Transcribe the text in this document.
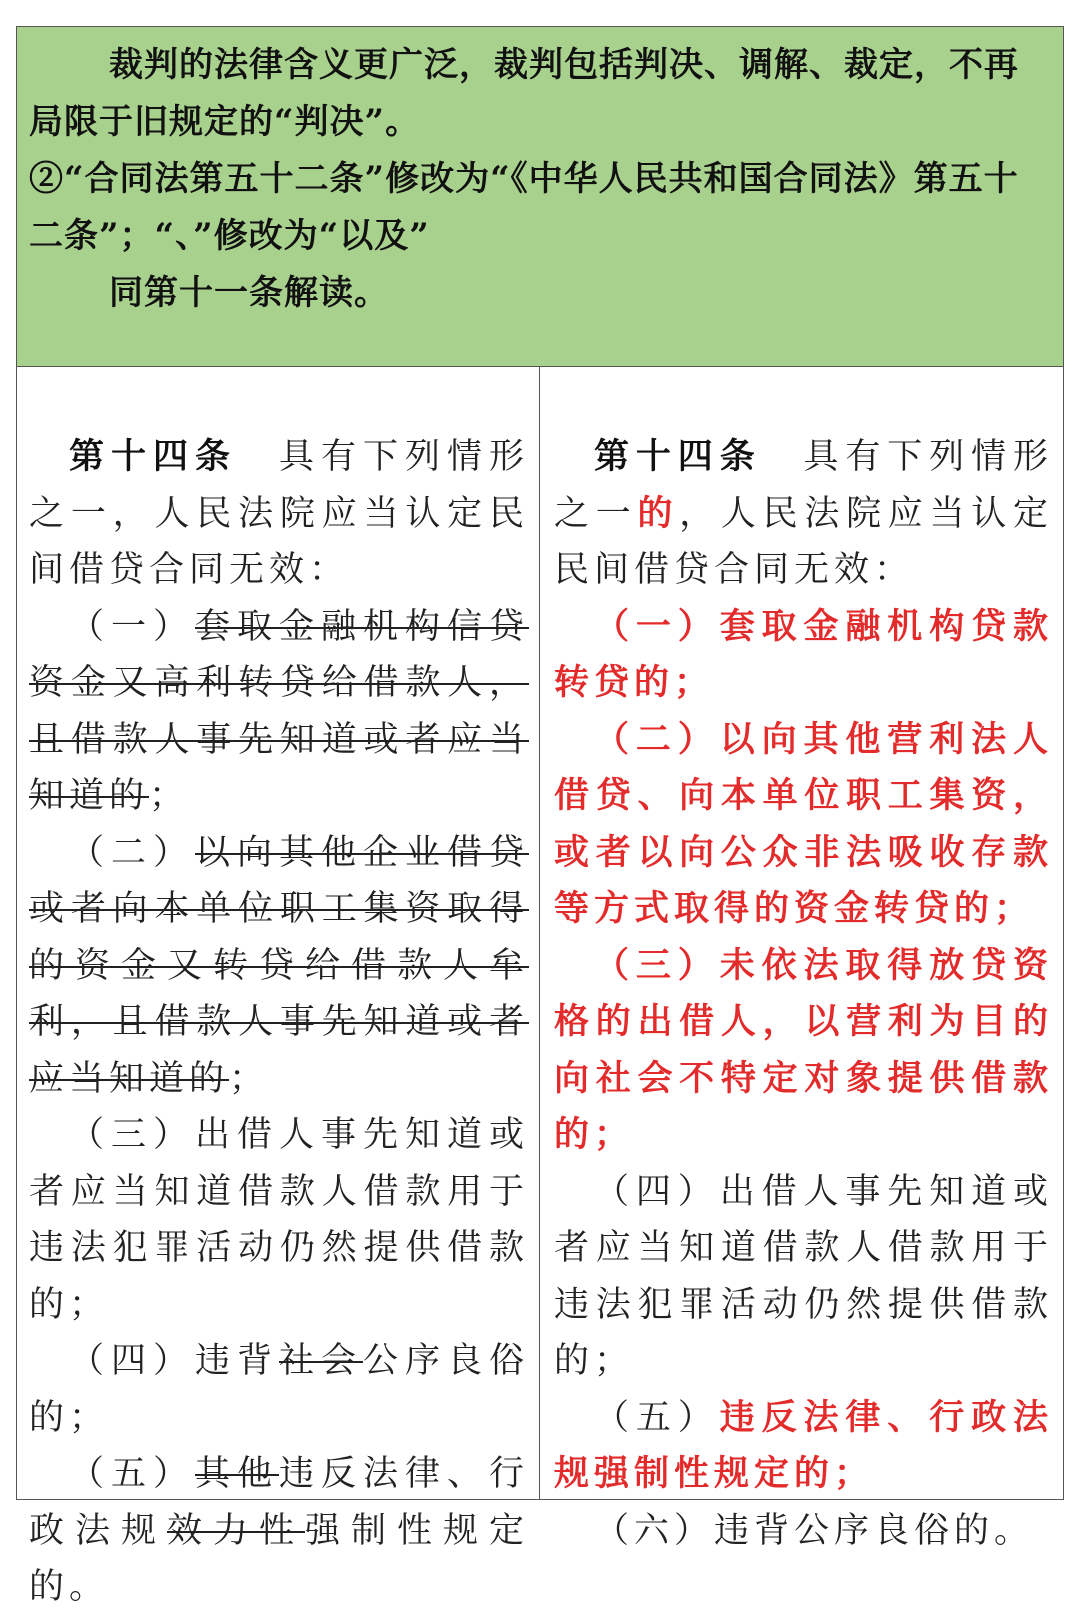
裁判的法律含义更广泛，裁判包括判决、调解、裁定，不再局限于旧规定的“判决”。

②“合同法第五十二条”修改为“《中华人民共和国合同法》第五十二条”；“、”修改为“以及”

同第十一条解读。

第十四条 具有下列情形之一，人民法院应当认定民间借贷合同无效：

（一）套取金融机构信贷资金又高利转贷给借款人，且借款人事先知道或者应当知道的；

（二）以向其他企业借贷或者向本单位职工集资取得的资金又转贷给借款人牟利，且借款人事先知道或者应当知道的；

（三）出借人事先知道或者应当知道借款人借款用于违法犯罪活动仍然提供借款的；

（四）违背社会公序良俗的；

（五）其他违反法律、行政法规效力性强制性规定的。

第十四条 具有下列情形之一的，人民法院应当认定民间借贷合同无效：

（一）套取金融机构贷款转贷的；

（二）以向其他营利法人借贷、向本单位职工集资，或者以向公众非法吸收存款等方式取得的资金转贷的；

（三）未依法取得放贷资格的出借人，以营利为目的向社会不特定对象提供借款的；

（四）出借人事先知道或者应当知道借款人借款用于违法犯罪活动仍然提供借款的；

（五）违反法律、行政法规强制性规定的；

（六）违背公序良俗的。
